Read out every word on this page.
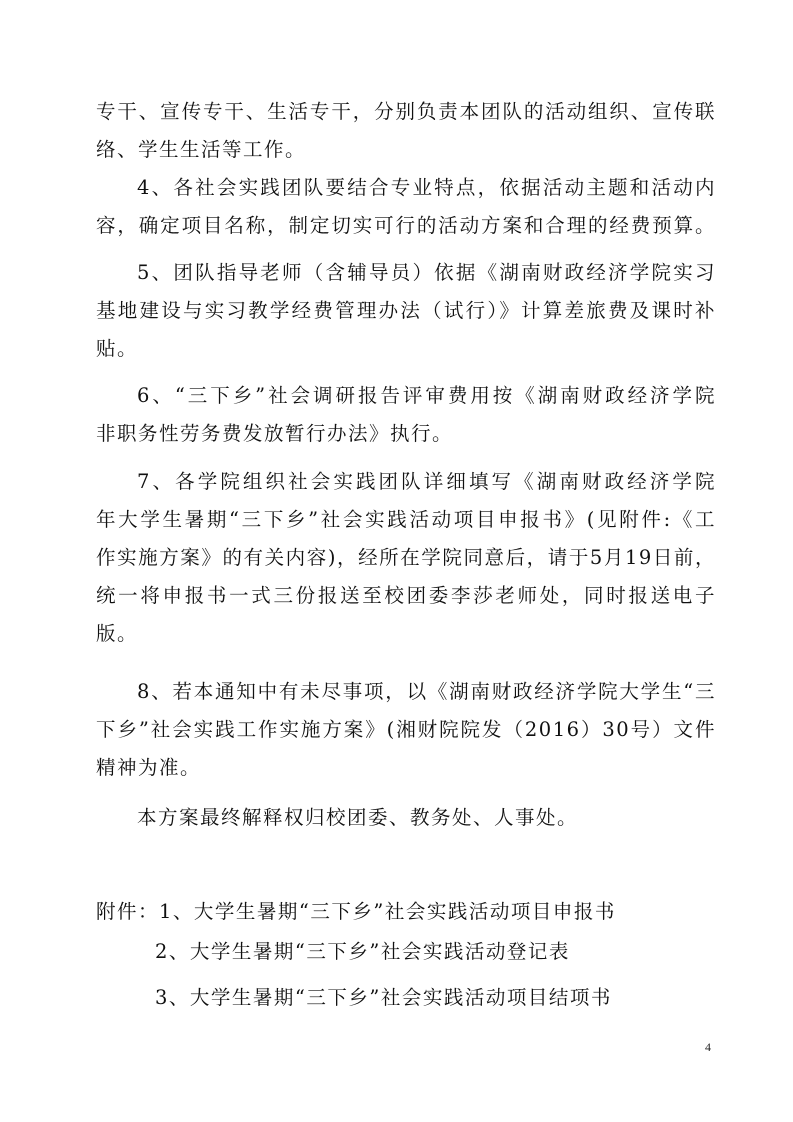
专干、宣传专干、生活专干，分别负责本团队的活动组织、宣传联
络、学生生活等工作。
4、各社会实践团队要结合专业特点，依据活动主题和活动内
容，确定项目名称，制定切实可行的活动方案和合理的经费预算。
5、团队指导老师（含辅导员）依据《湖南财政经济学院实习
基地建设与实习教学经费管理办法（试行）》计算差旅费及课时补
贴。
6、“三下乡”社会调研报告评审费用按《湖南财政经济学院
非职务性劳务费发放暂行办法》执行。
7、各学院组织社会实践团队详细填写《湖南财政经济学院
年大学生暑期“三下乡”社会实践活动项目申报书》(见附件:《工
作实施方案》的有关内容)，经所在学院同意后，请于5月19日前，
统一将申报书一式三份报送至校团委李莎老师处，同时报送电子
版。
8、若本通知中有未尽事项，以《湖南财政经济学院大学生“三
下乡”社会实践工作实施方案》(湘财院院发（2016）30号）文件
精神为准。
本方案最终解释权归校团委、教务处、人事处。
附件：1、大学生暑期“三下乡”社会实践活动项目申报书
2、大学生暑期“三下乡”社会实践活动登记表
3、大学生暑期“三下乡”社会实践活动项目结项书
4
